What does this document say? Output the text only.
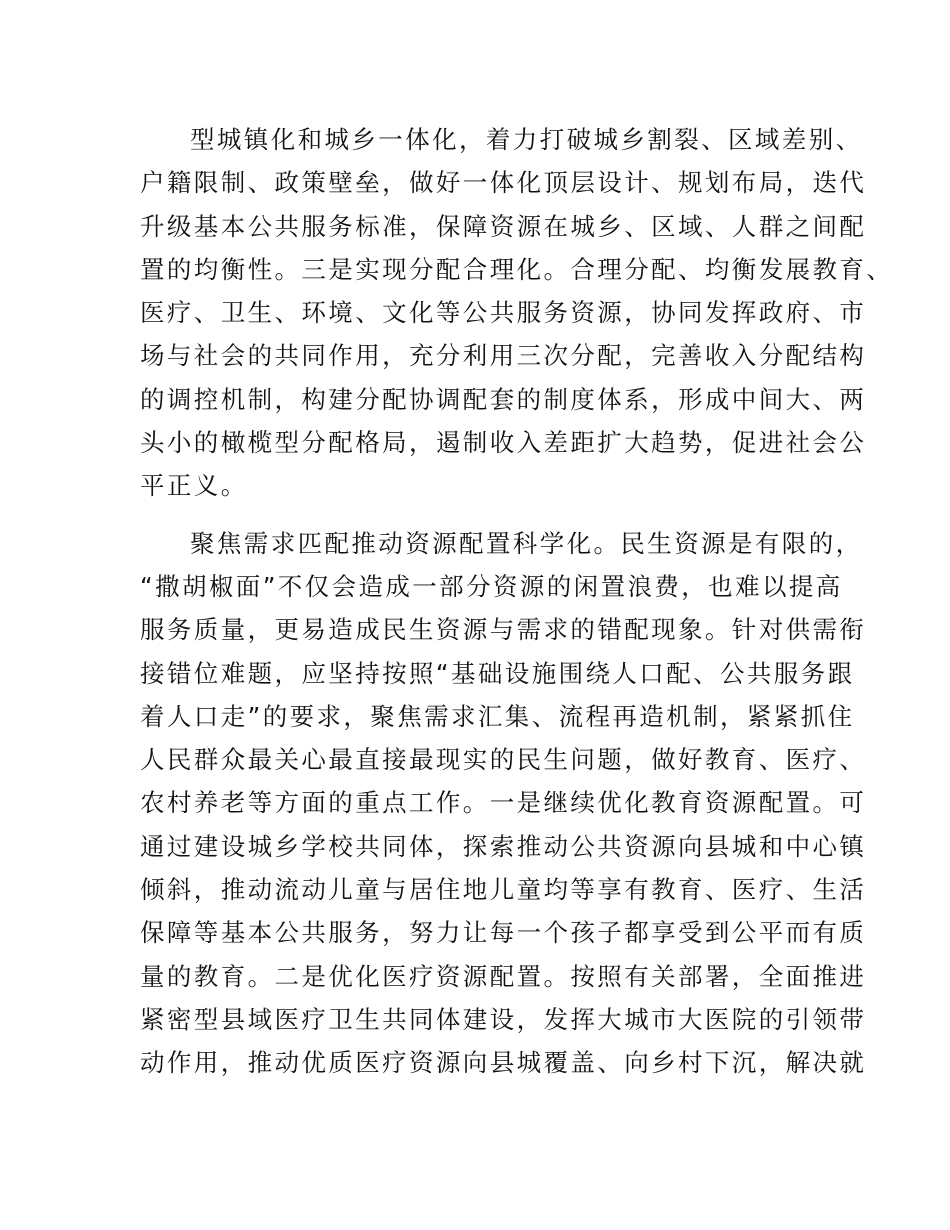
型城镇化和城乡一体化，着力打破城乡割裂、区域差别、
户籍限制、政策壁垒，做好一体化顶层设计、规划布局，迭代
升级基本公共服务标准，保障资源在城乡、区域、人群之间配
置的均衡性。三是实现分配合理化。合理分配、均衡发展教育、
医疗、卫生、环境、文化等公共服务资源，协同发挥政府、市
场与社会的共同作用，充分利用三次分配，完善收入分配结构
的调控机制，构建分配协调配套的制度体系，形成中间大、两
头小的橄榄型分配格局，遏制收入差距扩大趋势，促进社会公
平正义。

聚焦需求匹配推动资源配置科学化。民生资源是有限的，
“撒胡椒面”不仅会造成一部分资源的闲置浪费，也难以提高
服务质量，更易造成民生资源与需求的错配现象。针对供需衔
接错位难题，应坚持按照“基础设施围绕人口配、公共服务跟
着人口走”的要求，聚焦需求汇集、流程再造机制，紧紧抓住
人民群众最关心最直接最现实的民生问题，做好教育、医疗、
农村养老等方面的重点工作。一是继续优化教育资源配置。可
通过建设城乡学校共同体，探索推动公共资源向县城和中心镇
倾斜，推动流动儿童与居住地儿童均等享有教育、医疗、生活
保障等基本公共服务，努力让每一个孩子都享受到公平而有质
量的教育。二是优化医疗资源配置。按照有关部署，全面推进
紧密型县域医疗卫生共同体建设，发挥大城市大医院的引领带
动作用，推动优质医疗资源向县城覆盖、向乡村下沉，解决就
